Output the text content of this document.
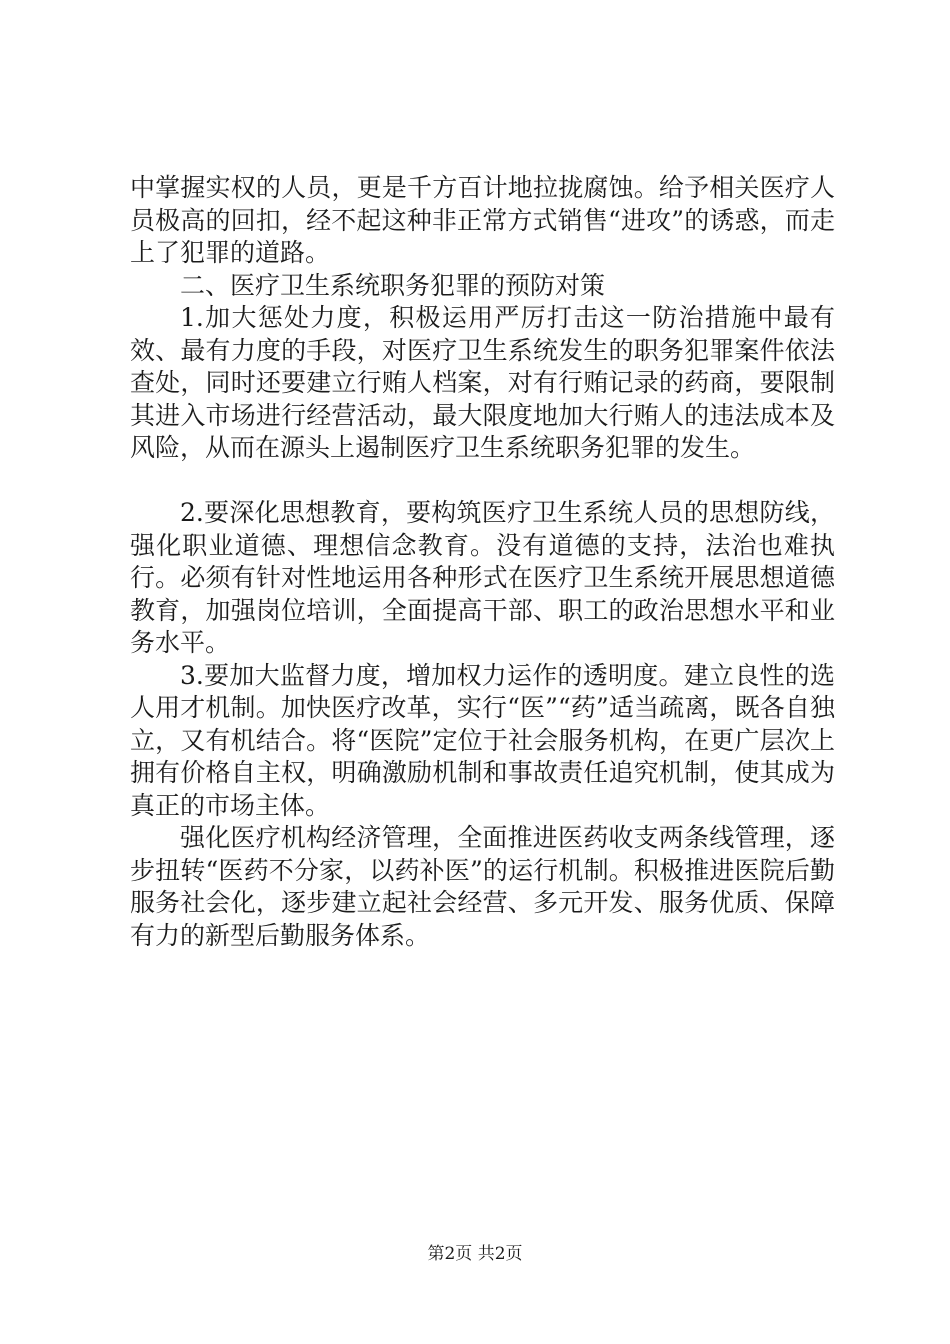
中掌握实权的人员，更是千方百计地拉拢腐蚀。给予相关医疗人员极高的回扣，经不起这种非正常方式销售“进攻”的诱惑，而走上了犯罪的道路。

二、医疗卫生系统职务犯罪的预防对策

1.加大惩处力度，积极运用严厉打击这一防治措施中最有效、最有力度的手段，对医疗卫生系统发生的职务犯罪案件依法查处，同时还要建立行贿人档案，对有行贿记录的药商，要限制其进入市场进行经营活动，最大限度地加大行贿人的违法成本及风险，从而在源头上遏制医疗卫生系统职务犯罪的发生。

2.要深化思想教育，要构筑医疗卫生系统人员的思想防线，强化职业道德、理想信念教育。没有道德的支持，法治也难执行。必须有针对性地运用各种形式在医疗卫生系统开展思想道德教育，加强岗位培训，全面提高干部、职工的政治思想水平和业务水平。

3.要加大监督力度，增加权力运作的透明度。建立良性的选人用才机制。加快医疗改革，实行“医”“药”适当疏离，既各自独立，又有机结合。将“医院”定位于社会服务机构，在更广层次上拥有价格自主权，明确激励机制和事故责任追究机制，使其成为真正的市场主体。

强化医疗机构经济管理，全面推进医药收支两条线管理，逐步扭转“医药不分家，以药补医”的运行机制。积极推进医院后勤服务社会化，逐步建立起社会经营、多元开发、服务优质、保障有力的新型后勤服务体系。

第2页 共2页
